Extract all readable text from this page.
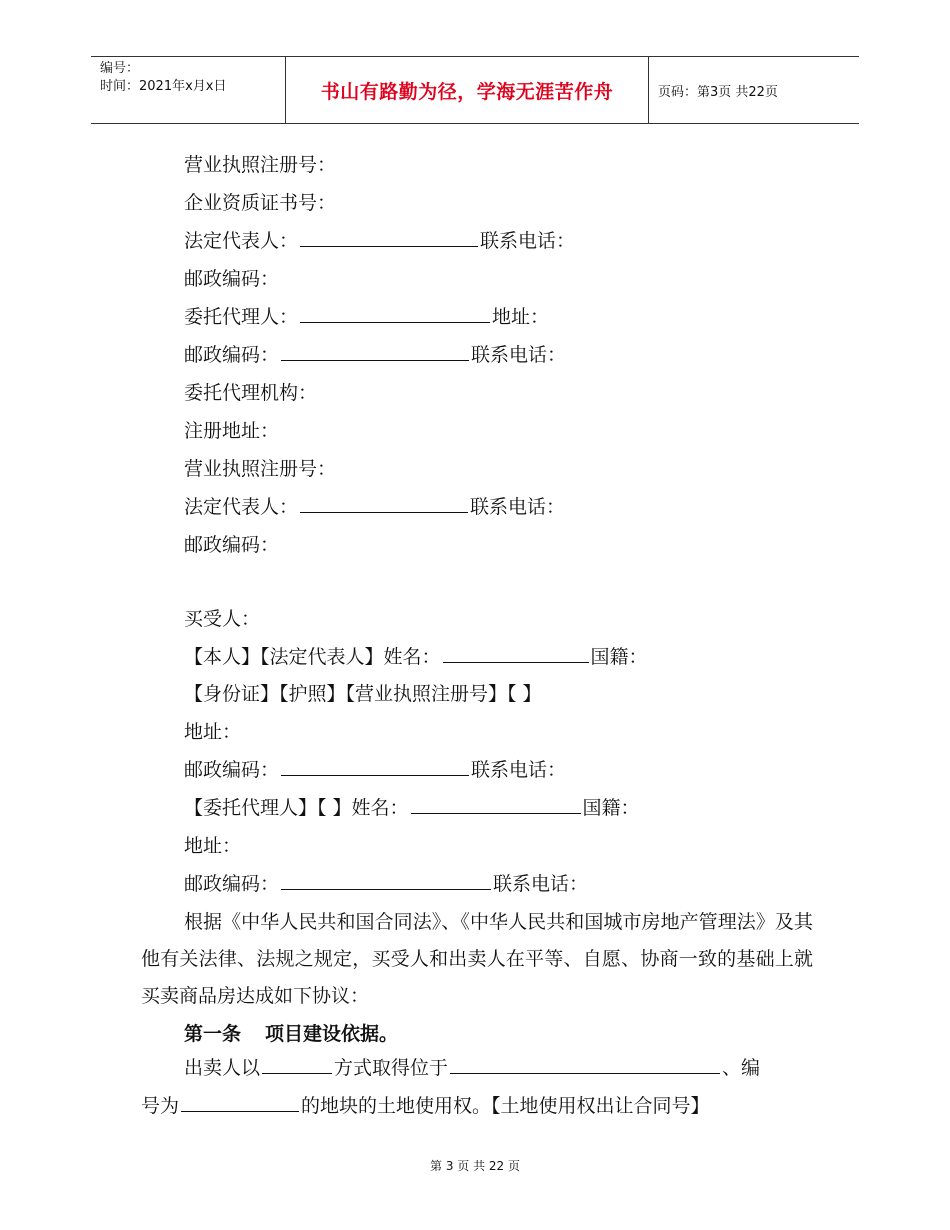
编号：
时间：2021年x月x日	书山有路勤为径，学海无涯苦作舟	页码：第3页 共22页
营业执照注册号：
企业资质证书号：
法定代表人：	联系电话：
邮政编码：
委托代理人：	地址：
邮政编码：	联系电话：
委托代理机构：
注册地址：
营业执照注册号：
法定代表人：	联系电话：
邮政编码：
买受人：
【本人】【法定代表人】姓名：	国籍：
【身份证】【护照】【营业执照注册号】【 】
地址：
邮政编码：	联系电话：
【委托代理人】【 】姓名：	国籍：
地址：
邮政编码：	联系电话：
根据《中华人民共和国合同法》、《中华人民共和国城市房地产管理法》及其他有关法律、法规之规定，买受人和出卖人在平等、自愿、协商一致的基础上就买卖商品房达成如下协议：
第一条 项目建设依据。
出卖人以	方式取得位于	、编
号为	的地块的土地使用权。【土地使用权出让合同号】
第 3 页 共 22 页
